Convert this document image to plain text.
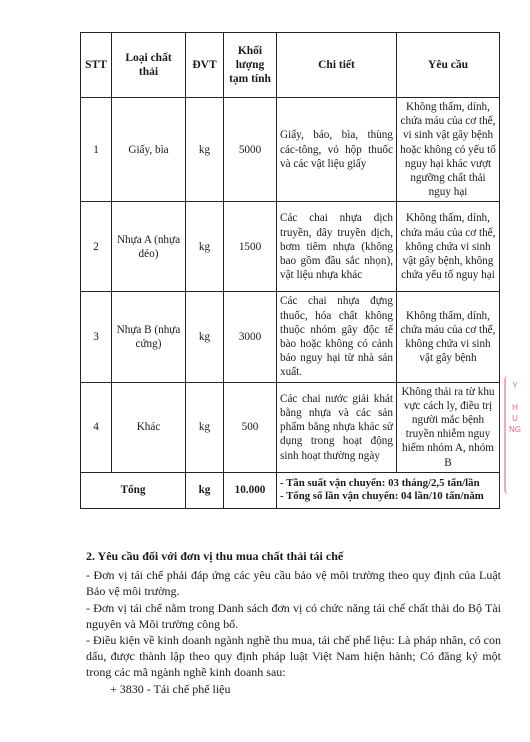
STT	Loại chất thải	ĐVT	Khối lượng tạm tính	Chi tiết	Yêu cầu
1	Giấy, bìa	kg	5000	Giấy, báo, bìa, thùng các-tông, vỏ hộp thuốc và các vật liệu giấy	Không thấm, dính, chứa máu của cơ thể, vi sinh vật gây bệnh hoặc không có yếu tố nguy hại khác vượt ngưỡng chất thải nguy hại
2	Nhựa A (nhựa dẻo)	kg	1500	Các chai nhựa dịch truyền, dây truyền dịch, bơm tiêm nhựa (không bao gồm đầu sắc nhọn), vật liệu nhựa khác	Không thấm, dính, chứa máu của cơ thể, không chứa vi sinh vật gây bệnh, không chứa yếu tố nguy hại
3	Nhựa B (nhựa cứng)	kg	3000	Các chai nhựa đựng thuốc, hóa chất không thuộc nhóm gây độc tế bào hoặc không có cảnh báo nguy hại từ nhà sản xuất.	Không thấm, dính, chứa máu của cơ thể, không chứa vi sinh vật gây bệnh
4	Khác	kg	500	Các chai nước giải khát bằng nhựa và các sản phẩm bằng nhựa khác sử dụng trong hoạt động sinh hoạt thường ngày	Không thải ra từ khu vực cách ly, điều trị người mắc bệnh truyền nhiễm nguy hiểm nhóm A, nhóm B
Tổng		kg	10.000	- Tần suất vận chuyển: 03 tháng/2,5 tấn/lần
- Tổng số lần vận chuyển: 04 lần/10 tấn/năm	
2. Yêu cầu đối với đơn vị thu mua chất thải tái chế
- Đơn vị tái chế phải đáp ứng các yêu cầu bảo vệ môi trường theo quy định của Luật Bảo vệ môi trường.
- Đơn vị tái chế nằm trong Danh sách đơn vị có chức năng tái chế chất thải do Bộ Tài nguyên và Môi trường công bố.
- Điều kiện về kinh doanh ngành nghề thu mua, tái chế phế liệu: Là pháp nhân, có con dấu, được thành lập theo quy định pháp luật Việt Nam hiện hành; Có đăng ký một trong các mã ngành nghề kinh doanh sau:
+ 3830 - Tái chế phế liệu
Y

H
U
NG
